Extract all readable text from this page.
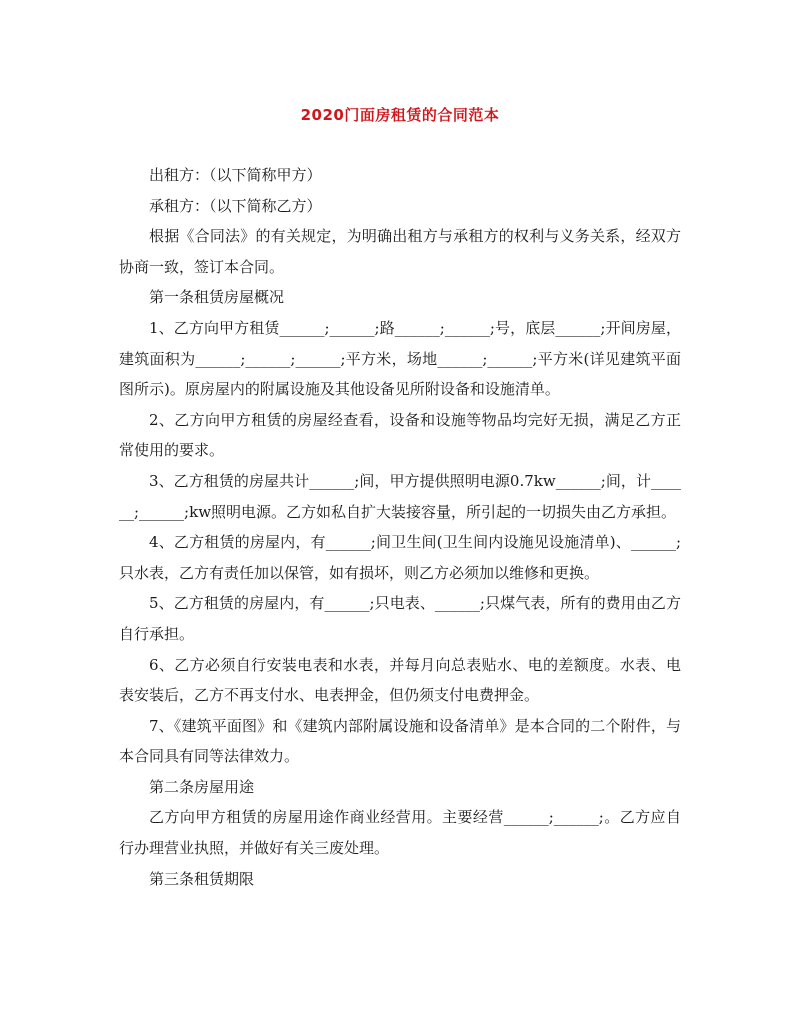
2020门面房租赁的合同范本

出租方：（以下简称甲方）

承租方：（以下简称乙方）

根据《合同法》的有关规定，为明确出租方与承租方的权利与义务关系，经双方协商一致，签订本合同。

第一条租赁房屋概况

1、乙方向甲方租赁______;______;路______;______;号，底层______;开间房屋，建筑面积为______;______;______;平方米，场地______;______;平方米(详见建筑平面图所示)。原房屋内的附属设施及其他设备见所附设备和设施清单。

2、乙方向甲方租赁的房屋经查看，设备和设施等物品均完好无损，满足乙方正常使用的要求。

3、乙方租赁的房屋共计______;间，甲方提供照明电源0.7kw______;间，计______;______;kw照明电源。乙方如私自扩大装接容量，所引起的一切损失由乙方承担。

4、乙方租赁的房屋内，有______;间卫生间(卫生间内设施见设施清单)、______;只水表，乙方有责任加以保管，如有损坏，则乙方必须加以维修和更换。

5、乙方租赁的房屋内，有______;只电表、______;只煤气表，所有的费用由乙方自行承担。

6、乙方必须自行安装电表和水表，并每月向总表贴水、电的差额度。水表、电表安装后，乙方不再支付水、电表押金，但仍须支付电费押金。

7、《建筑平面图》和《建筑内部附属设施和设备清单》是本合同的二个附件，与本合同具有同等法律效力。

第二条房屋用途

乙方向甲方租赁的房屋用途作商业经营用。主要经营______;______;。乙方应自行办理营业执照，并做好有关三废处理。

第三条租赁期限
